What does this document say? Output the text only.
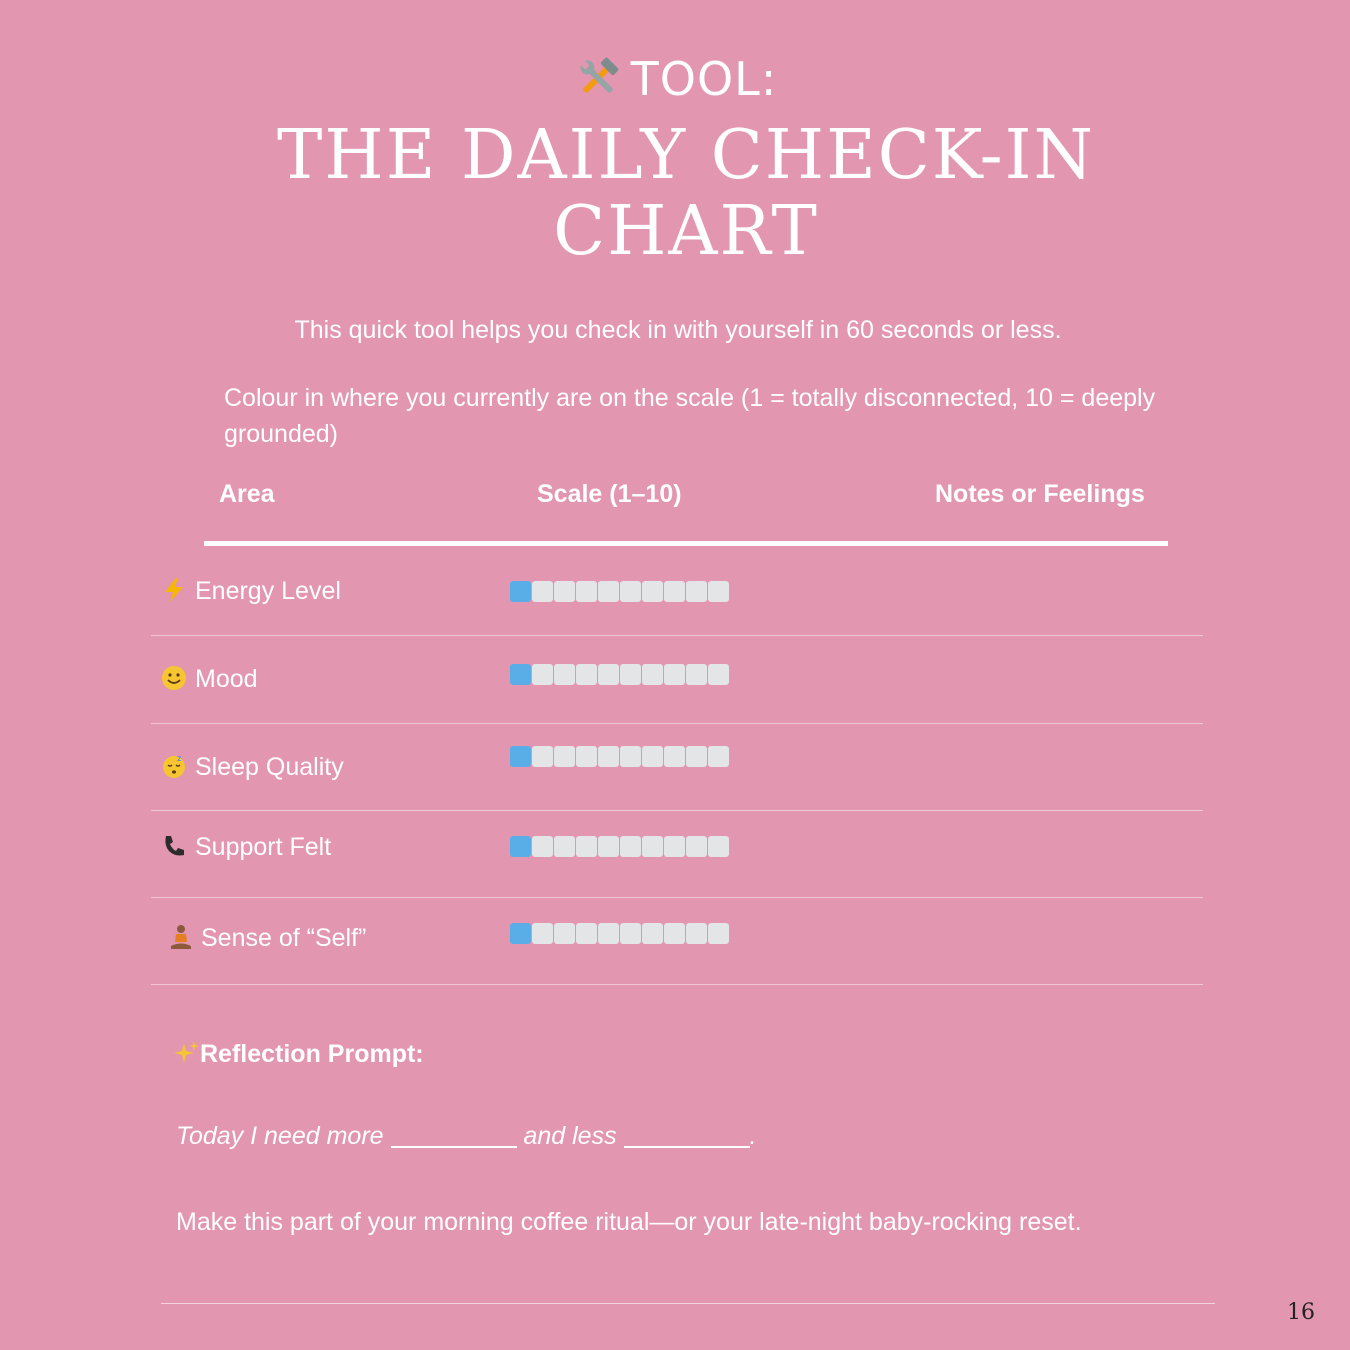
TOOL:
THE DAILY CHECK-IN
CHART
This quick tool helps you check in with yourself in 60 seconds or less.
Colour in where you currently are on the scale (1 = totally disconnected, 10 = deeply grounded)
Area	Scale (1–10)	Notes or Feelings
Energy Level
Mood
z Sleep Quality
Support Felt
Sense of “Self”
Reflection Prompt:
Today I need more	and less	.
Make this part of your morning coffee ritual—or your late-night baby-rocking reset.
16
